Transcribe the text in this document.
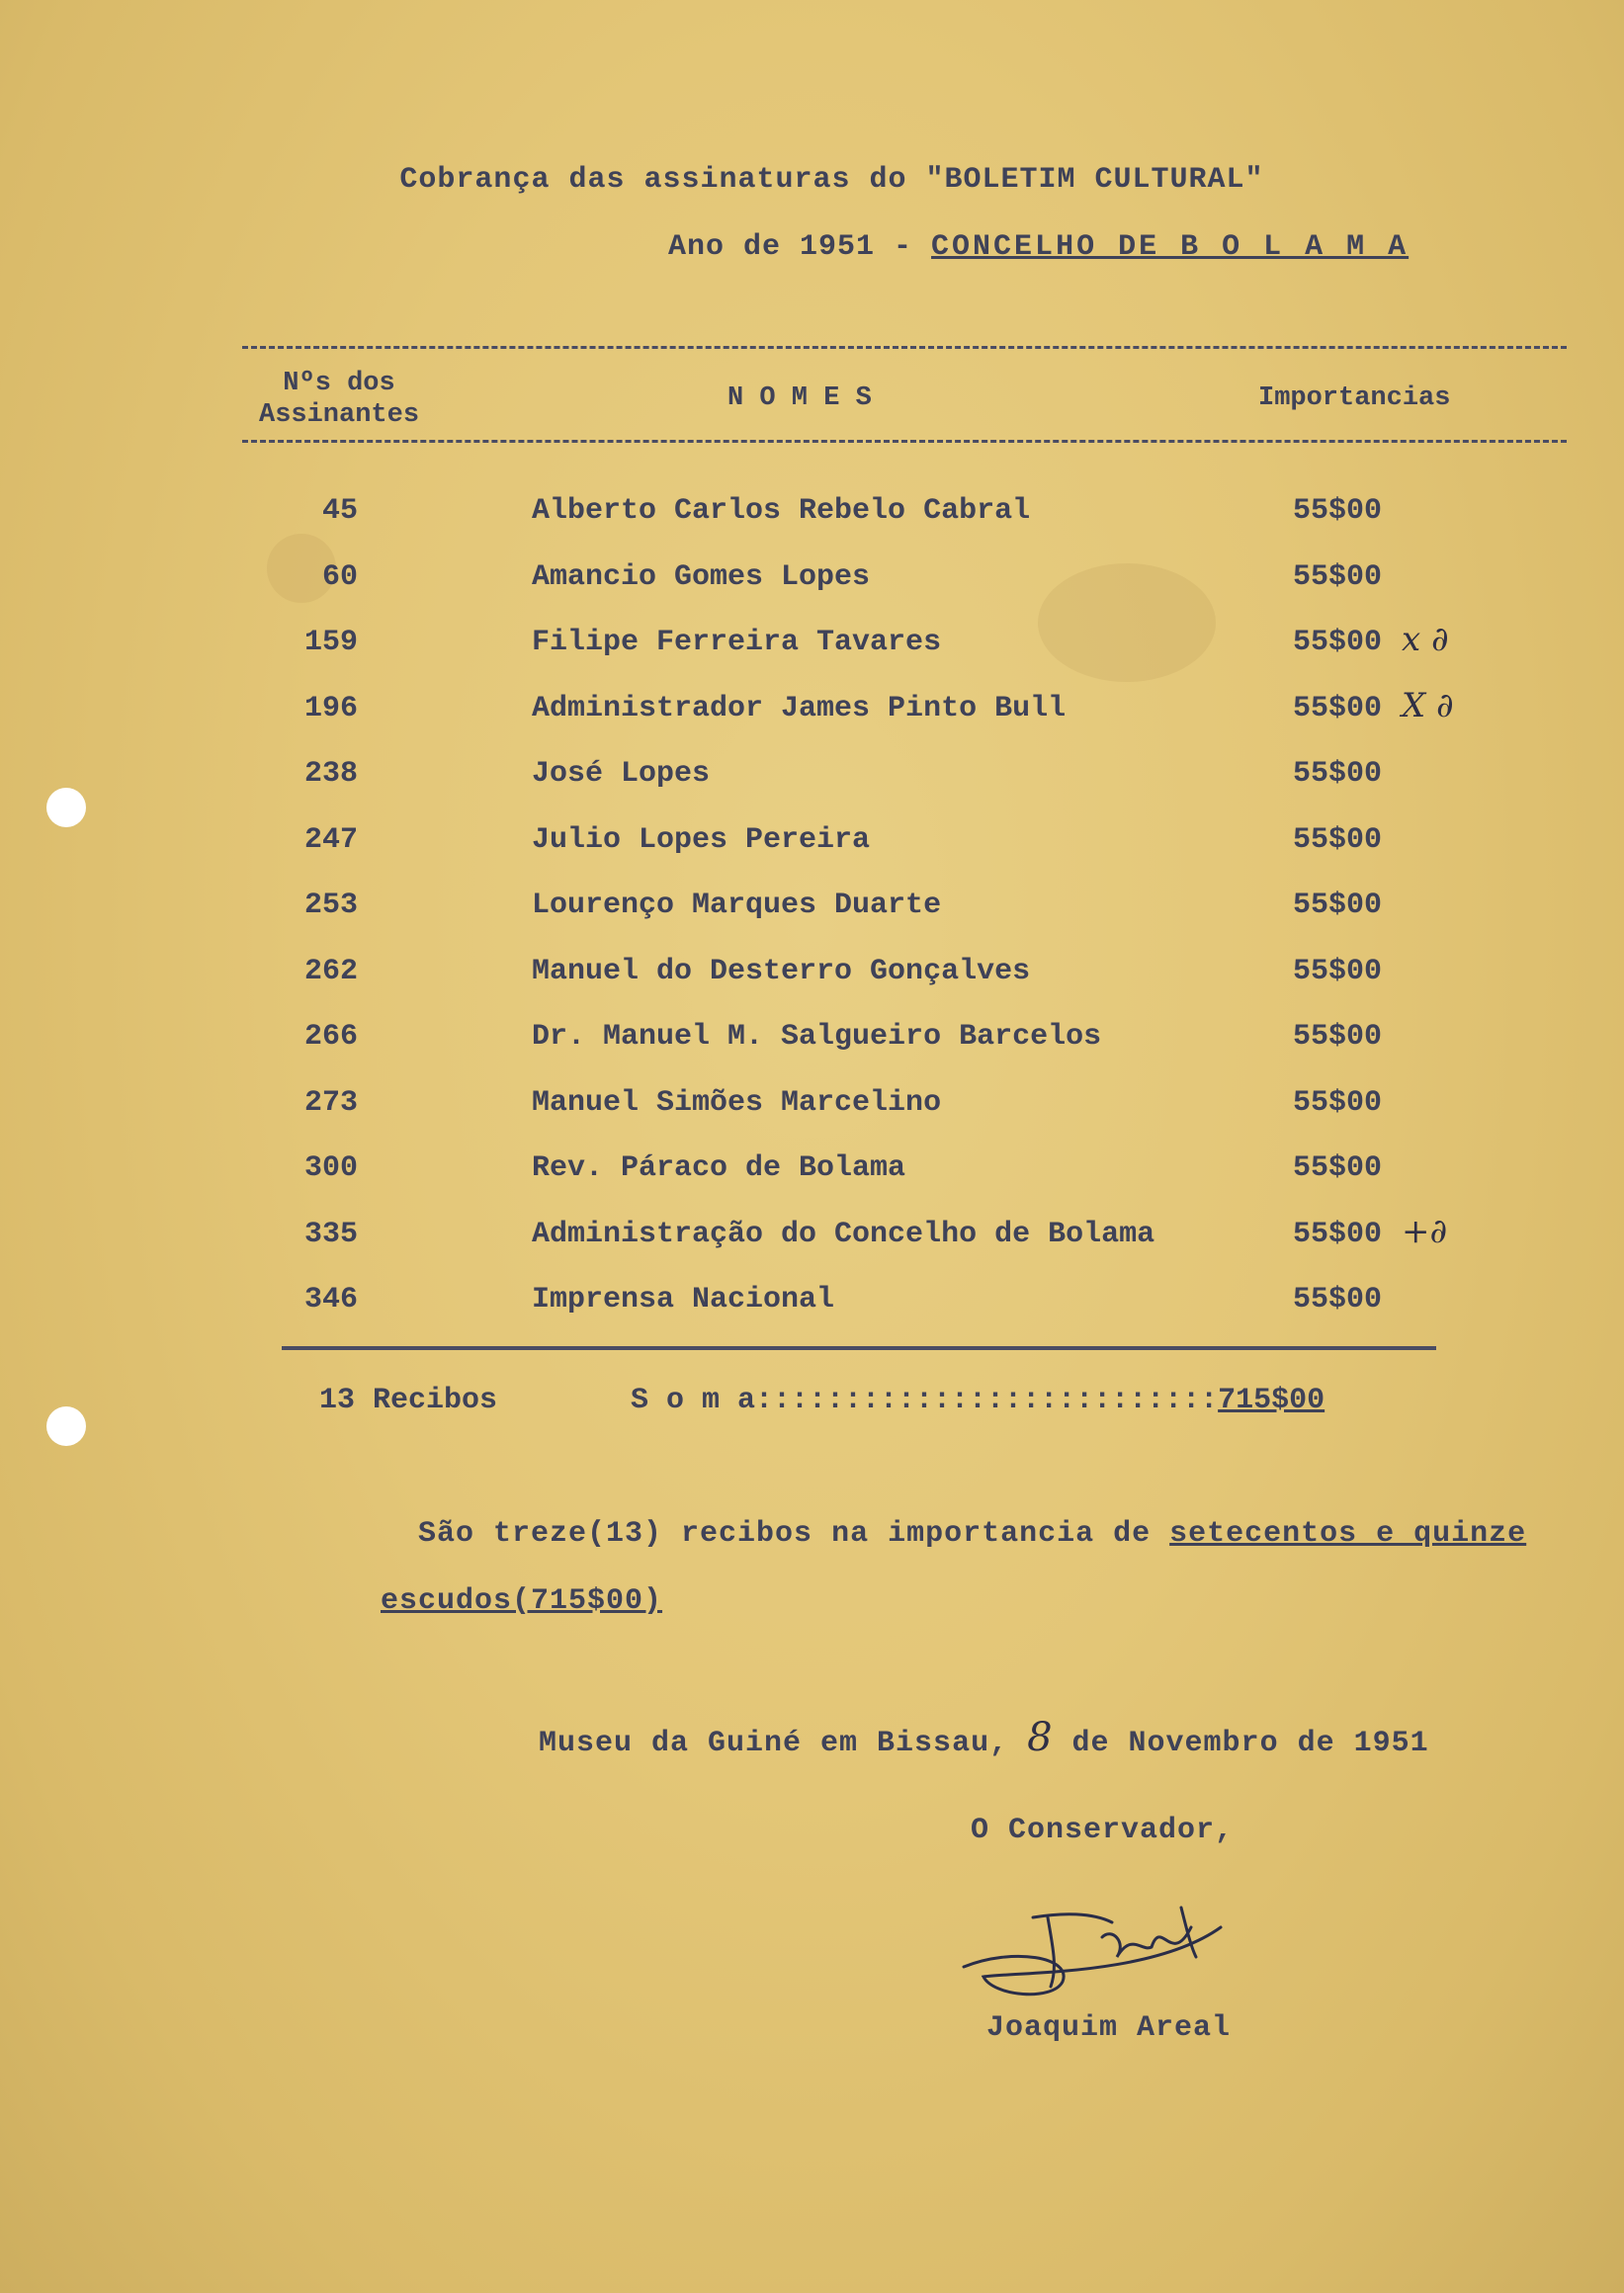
Cobrança das assinaturas do "BOLETIM CULTURAL"
Ano de 1951 - CONCELHO DE B O L A M A
Nºs dos
Assinantes
N O M E S	Importancias
45	Alberto Carlos Rebelo Cabral	55$00
60	Amancio Gomes Lopes	55$00
159	Filipe Ferreira Tavares	55$00 x ∂
196	Administrador James Pinto Bull	55$00 X ∂
238	José Lopes	55$00
247	Julio Lopes Pereira	55$00
253	Lourenço Marques Duarte	55$00
262	Manuel do Desterro Gonçalves	55$00
266	Dr. Manuel M. Salgueiro Barcelos	55$00
273	Manuel Simões Marcelino	55$00
300	Rev. Páraco de Bolama	55$00
335	Administração do Concelho de Bolama	55$00 +∂
346	Imprensa Nacional	55$00
13 Recibos	S o m a::::::::::::::::::::::::::715$00
São treze(13) recibos na importancia de setecentos e quinze
escudos(715$00)
Museu da Guiné em Bissau, 8 de Novembro de 1951
O Conservador,
Joaquim Areal
